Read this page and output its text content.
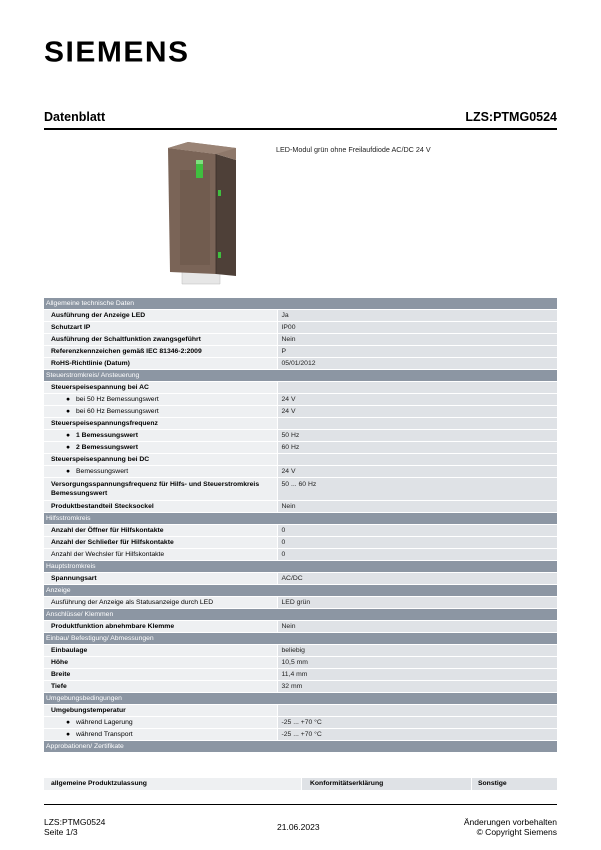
SIEMENS
Datenblatt	LZS:PTMG0524
LED-Modul grün ohne Freilaufdiode AC/DC 24 V
Allgemeine technische Daten	
Ausführung der Anzeige LED	Ja
Schutzart IP	IP00
Ausführung der Schaltfunktion zwangsgeführt	Nein
Referenzkennzeichen gemäß IEC 81346-2:2009	P
RoHS-Richtlinie (Datum)	05/01/2012
Steuerstromkreis/ Ansteuerung	
Steuerspeisespannung bei AC	
● bei 50 Hz Bemessungswert	24 V
● bei 60 Hz Bemessungswert	24 V
Steuerspeisespannungsfrequenz	
● 1 Bemessungswert	50 Hz
● 2 Bemessungswert	60 Hz
Steuerspeisespannung bei DC	
● Bemessungswert	24 V
Versorgungsspannungsfrequenz für Hilfs- und Steuerstromkreis Bemessungswert	50 ... 60 Hz
Produktbestandteil Stecksockel	Nein
Hilfsstromkreis	
Anzahl der Öffner für Hilfskontakte	0
Anzahl der Schließer für Hilfskontakte	0
Anzahl der Wechsler für Hilfskontakte	0
Hauptstromkreis	
Spannungsart	AC/DC
Anzeige	
Ausführung der Anzeige als Statusanzeige durch LED	LED grün
Anschlüsse/ Klemmen	
Produktfunktion abnehmbare Klemme	Nein
Einbau/ Befestigung/ Abmessungen	
Einbaulage	beliebig
Höhe	10,5 mm
Breite	11,4 mm
Tiefe	32 mm
Umgebungsbedingungen	
Umgebungstemperatur	
● während Lagerung	-25 ... +70 °C
● während Transport	-25 ... +70 °C
Approbationen/ Zertifikate	
allgemeine Produktzulassung	Konformitätserklärung	Sonstige
LZS:PTMG0524
Seite 1/3	21.06.2023	Änderungen vorbehalten
© Copyright Siemens
